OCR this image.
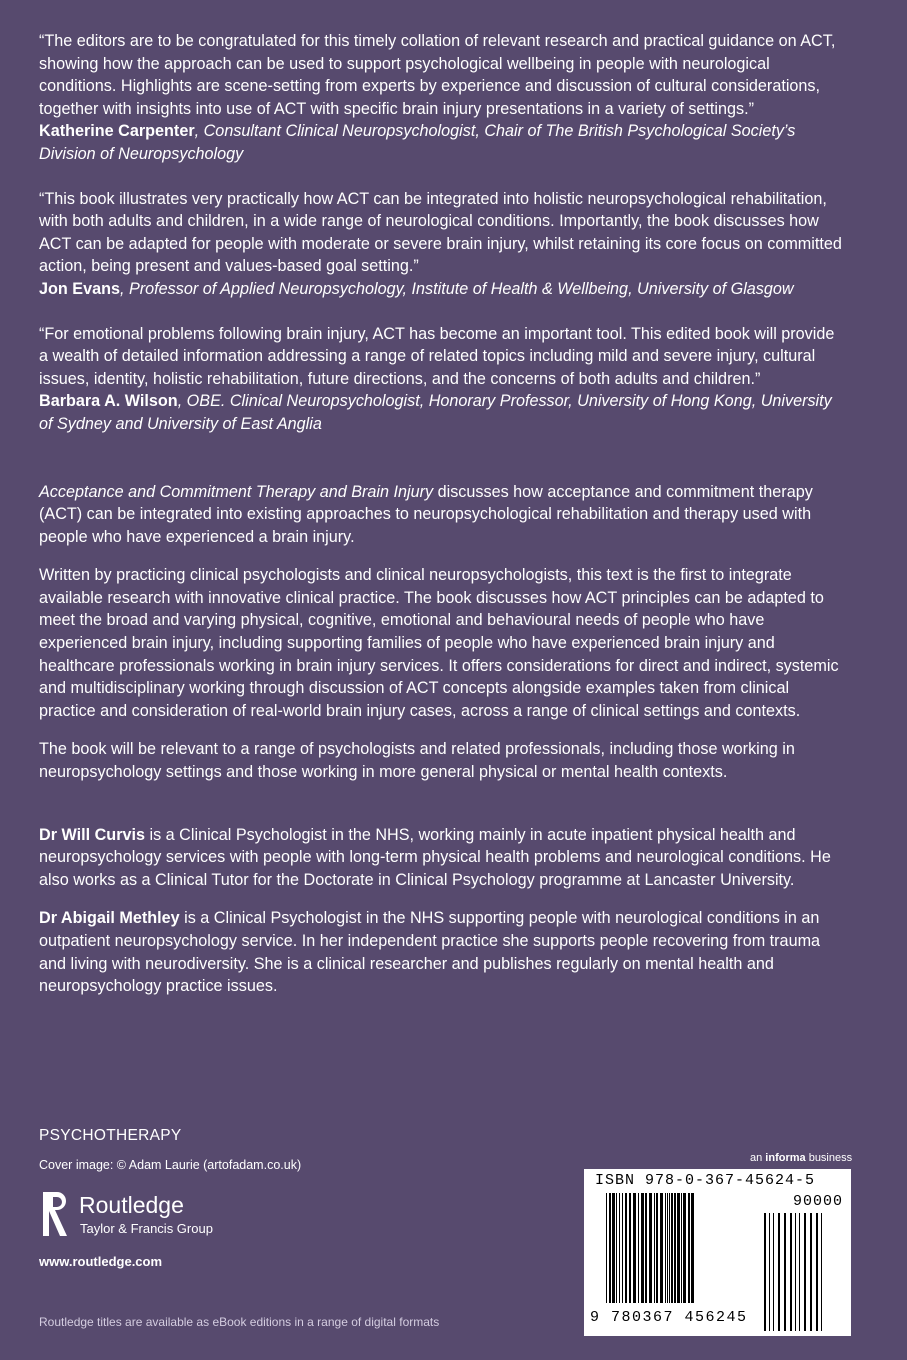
“The editors are to be congratulated for this timely collation of relevant research and practical guidance on ACT, showing how the approach can be used to support psychological wellbeing in people with neurological conditions. Highlights are scene-setting from experts by experience and discussion of cultural considerations, together with insights into use of ACT with specific brain injury presentations in a variety of settings.”
Katherine Carpenter, Consultant Clinical Neuropsychologist, Chair of The British Psychological Society’s Division of Neuropsychology

“This book illustrates very practically how ACT can be integrated into holistic neuropsychological rehabilitation, with both adults and children, in a wide range of neurological conditions. Importantly, the book discusses how ACT can be adapted for people with moderate or severe brain injury, whilst retaining its core focus on committed action, being present and values-based goal setting.”
Jon Evans, Professor of Applied Neuropsychology, Institute of Health & Wellbeing, University of Glasgow

“For emotional problems following brain injury, ACT has become an important tool. This edited book will provide a wealth of detailed information addressing a range of related topics including mild and severe injury, cultural issues, identity, holistic rehabilitation, future directions, and the concerns of both adults and children.”
Barbara A. Wilson, OBE. Clinical Neuropsychologist, Honorary Professor, University of Hong Kong, University of Sydney and University of East Anglia

Acceptance and Commitment Therapy and Brain Injury discusses how acceptance and commitment therapy (ACT) can be integrated into existing approaches to neuropsychological rehabilitation and therapy used with people who have experienced a brain injury.

Written by practicing clinical psychologists and clinical neuropsychologists, this text is the first to integrate available research with innovative clinical practice. The book discusses how ACT principles can be adapted to meet the broad and varying physical, cognitive, emotional and behavioural needs of people who have experienced brain injury, including supporting families of people who have experienced brain injury and healthcare professionals working in brain injury services. It offers considerations for direct and indirect, systemic and multidisciplinary working through discussion of ACT concepts alongside examples taken from clinical practice and consideration of real-world brain injury cases, across a range of clinical settings and contexts.

The book will be relevant to a range of psychologists and related professionals, including those working in neuropsychology settings and those working in more general physical or mental health contexts.

Dr Will Curvis is a Clinical Psychologist in the NHS, working mainly in acute inpatient physical health and neuropsychology services with people with long-term physical health problems and neurological conditions. He also works as a Clinical Tutor for the Doctorate in Clinical Psychology programme at Lancaster University.

Dr Abigail Methley is a Clinical Psychologist in the NHS supporting people with neurological conditions in an outpatient neuropsychology service. In her independent practice she supports people recovering from trauma and living with neurodiversity. She is a clinical researcher and publishes regularly on mental health and neuropsychology practice issues.

PSYCHOTHERAPY
Cover image: © Adam Laurie (artofadam.co.uk)
Routledge
Taylor & Francis Group
www.routledge.com
Routledge titles are available as eBook editions in a range of digital formats
an informa business
ISBN 978-0-367-45624-5
90000
9 780367 456245
